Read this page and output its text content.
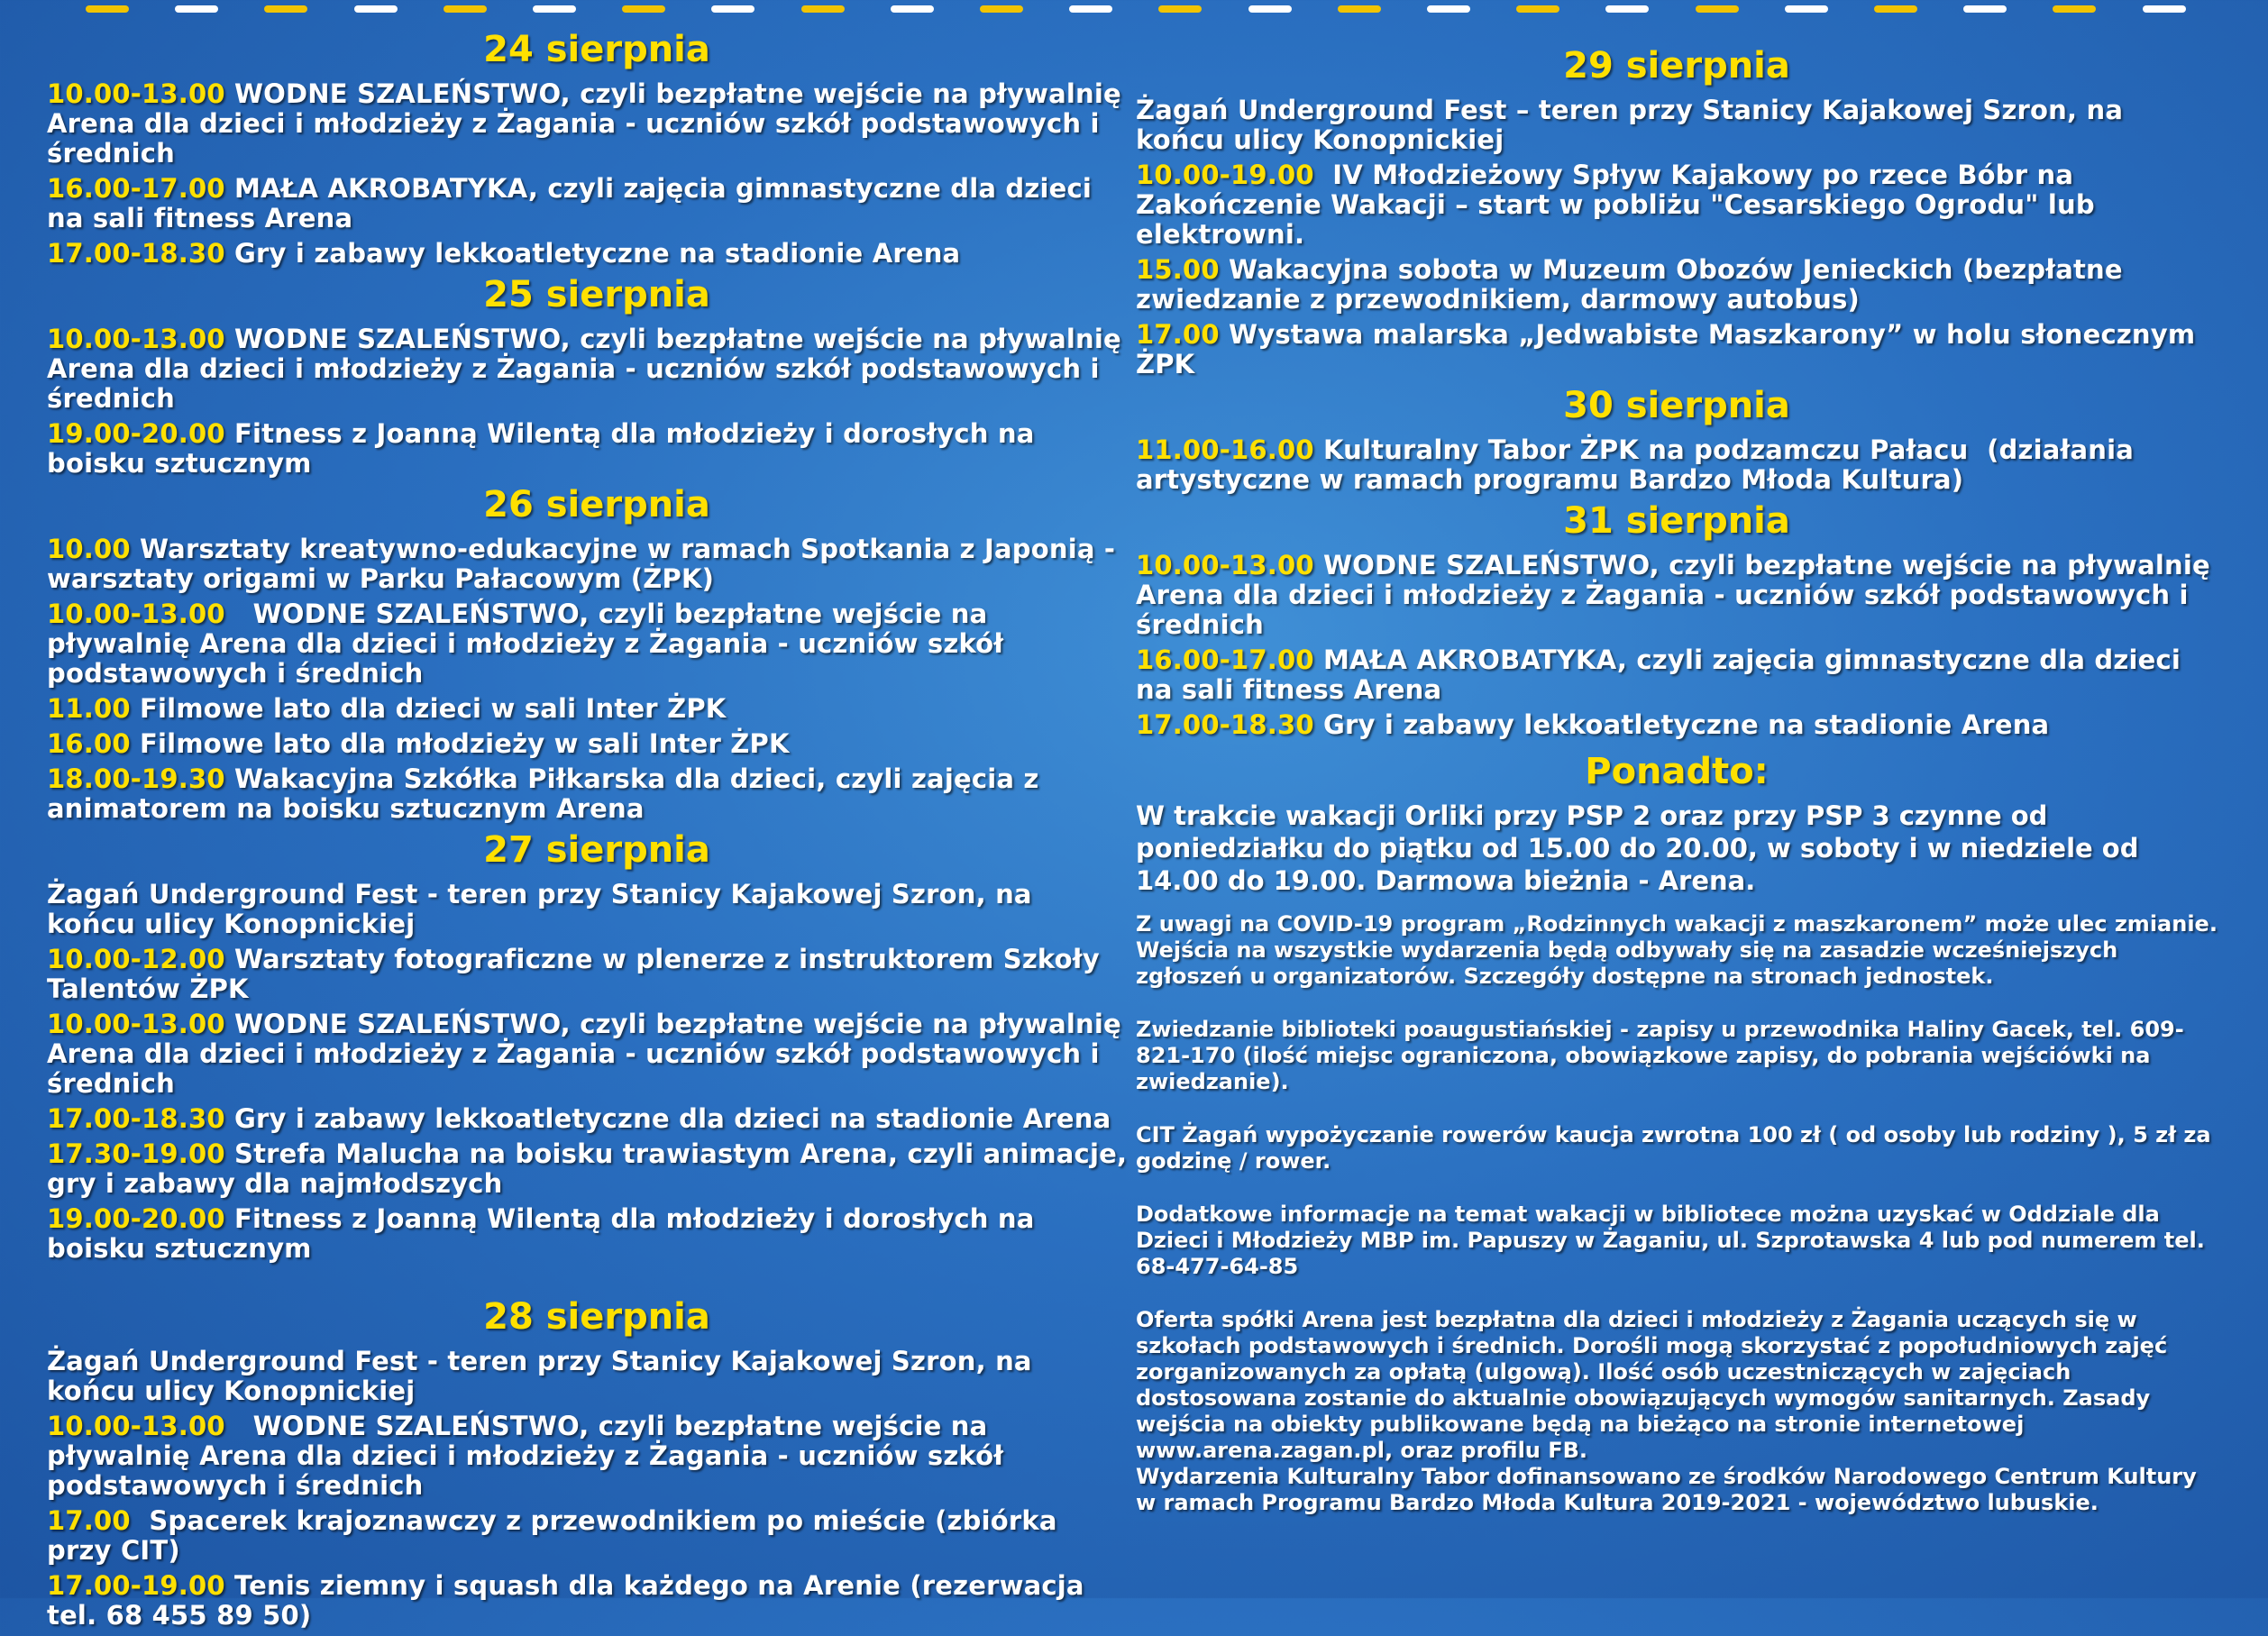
24 sierpnia
10.00-13.00 WODNE SZALEŃSTWO, czyli bezpłatne wejście na pływalnię Arena dla dzieci i młodzieży z Żagania - uczniów szkół podstawowych i średnich
16.00-17.00 MAŁA AKROBATYKA, czyli zajęcia gimnastyczne dla dzieci na sali fitness Arena
17.00-18.30 Gry i zabawy lekkoatletyczne na stadionie Arena
25 sierpnia
10.00-13.00 WODNE SZALEŃSTWO, czyli bezpłatne wejście na pływalnię Arena dla dzieci i młodzieży z Żagania - uczniów szkół podstawowych i średnich
19.00-20.00 Fitness z Joanną Wilentą dla młodzieży i dorosłych na boisku sztucznym
26 sierpnia
10.00 Warsztaty kreatywno-edukacyjne w ramach Spotkania z Japonią - warsztaty origami w Parku Pałacowym (ŻPK)
10.00-13.00   WODNE SZALEŃSTWO, czyli bezpłatne wejście na pływalnię Arena dla dzieci i młodzieży z Żagania - uczniów szkół podstawowych i średnich
11.00 Filmowe lato dla dzieci w sali Inter ŻPK
16.00 Filmowe lato dla młodzieży w sali Inter ŻPK
18.00-19.30 Wakacyjna Szkółka Piłkarska dla dzieci, czyli zajęcia z animatorem na boisku sztucznym Arena
27 sierpnia
Żagań Underground Fest - teren przy Stanicy Kajakowej Szron, na końcu ulicy Konopnickiej
10.00-12.00 Warsztaty fotograficzne w plenerze z instruktorem Szkoły Talentów ŻPK
10.00-13.00 WODNE SZALEŃSTWO, czyli bezpłatne wejście na pływalnię Arena dla dzieci i młodzieży z Żagania - uczniów szkół podstawowych i średnich
17.00-18.30 Gry i zabawy lekkoatletyczne dla dzieci na stadionie Arena
17.30-19.00 Strefa Malucha na boisku trawiastym Arena, czyli animacje, gry i zabawy dla najmłodszych
19.00-20.00 Fitness z Joanną Wilentą dla młodzieży i dorosłych na boisku sztucznym
28 sierpnia
Żagań Underground Fest - teren przy Stanicy Kajakowej Szron, na końcu ulicy Konopnickiej
10.00-13.00   WODNE SZALEŃSTWO, czyli bezpłatne wejście na pływalnię Arena dla dzieci i młodzieży z Żagania - uczniów szkół podstawowych i średnich
17.00  Spacerek krajoznawczy z przewodnikiem po mieście (zbiórka przy CIT)
17.00-19.00 Tenis ziemny i squash dla każdego na Arenie (rezerwacja tel. 68 455 89 50)
29 sierpnia
Żagań Underground Fest – teren przy Stanicy Kajakowej Szron, na końcu ulicy Konopnickiej
10.00-19.00  IV Młodzieżowy Spływ Kajakowy po rzece Bóbr na Zakończenie Wakacji – start w pobliżu "Cesarskiego Ogrodu" lub elektrowni.
15.00 Wakacyjna sobota w Muzeum Obozów Jenieckich (bezpłatne zwiedzanie z przewodnikiem, darmowy autobus)
17.00 Wystawa malarska „Jedwabiste Maszkarony” w holu słonecznym ŻPK
30 sierpnia
11.00-16.00 Kulturalny Tabor ŻPK na podzamczu Pałacu  (działania artystyczne w ramach programu Bardzo Młoda Kultura)
31 sierpnia
10.00-13.00 WODNE SZALEŃSTWO, czyli bezpłatne wejście na pływalnię Arena dla dzieci i młodzieży z Żagania - uczniów szkół podstawowych i średnich
16.00-17.00 MAŁA AKROBATYKA, czyli zajęcia gimnastyczne dla dzieci na sali fitness Arena
17.00-18.30 Gry i zabawy lekkoatletyczne na stadionie Arena
Ponadto:
W trakcie wakacji Orliki przy PSP 2 oraz przy PSP 3 czynne od poniedziałku do piątku od 15.00 do 20.00, w soboty i w niedziele od 14.00 do 19.00. Darmowa bieżnia - Arena.
Z uwagi na COVID-19 program „Rodzinnych wakacji z maszkaronem” może ulec zmianie. Wejścia na wszystkie wydarzenia będą odbywały się na zasadzie wcześniejszych zgłoszeń u organizatorów. Szczegóły dostępne na stronach jednostek.
Zwiedzanie biblioteki poaugustiańskiej - zapisy u przewodnika Haliny Gacek, tel. 609-821-170 (ilość miejsc ograniczona, obowiązkowe zapisy, do pobrania wejściówki na zwiedzanie).
CIT Żagań wypożyczanie rowerów kaucja zwrotna 100 zł ( od osoby lub rodziny ), 5 zł za godzinę / rower.
Dodatkowe informacje na temat wakacji w bibliotece można uzyskać w Oddziale dla Dzieci i Młodzieży MBP im. Papuszy w Żaganiu, ul. Szprotawska 4 lub pod numerem tel. 68-477-64-85
Oferta spółki Arena jest bezpłatna dla dzieci i młodzieży z Żagania uczących się w szkołach podstawowych i średnich. Dorośli mogą skorzystać z popołudniowych zajęć zorganizowanych za opłatą (ulgową). Ilość osób uczestniczących w zajęciach dostosowana zostanie do aktualnie obowiązujących wymogów sanitarnych. Zasady wejścia na obiekty publikowane będą na bieżąco na stronie internetowej www.arena.zagan.pl, oraz profilu FB.
Wydarzenia Kulturalny Tabor dofinansowano ze środków Narodowego Centrum Kultury w ramach Programu Bardzo Młoda Kultura 2019-2021 - województwo lubuskie.
